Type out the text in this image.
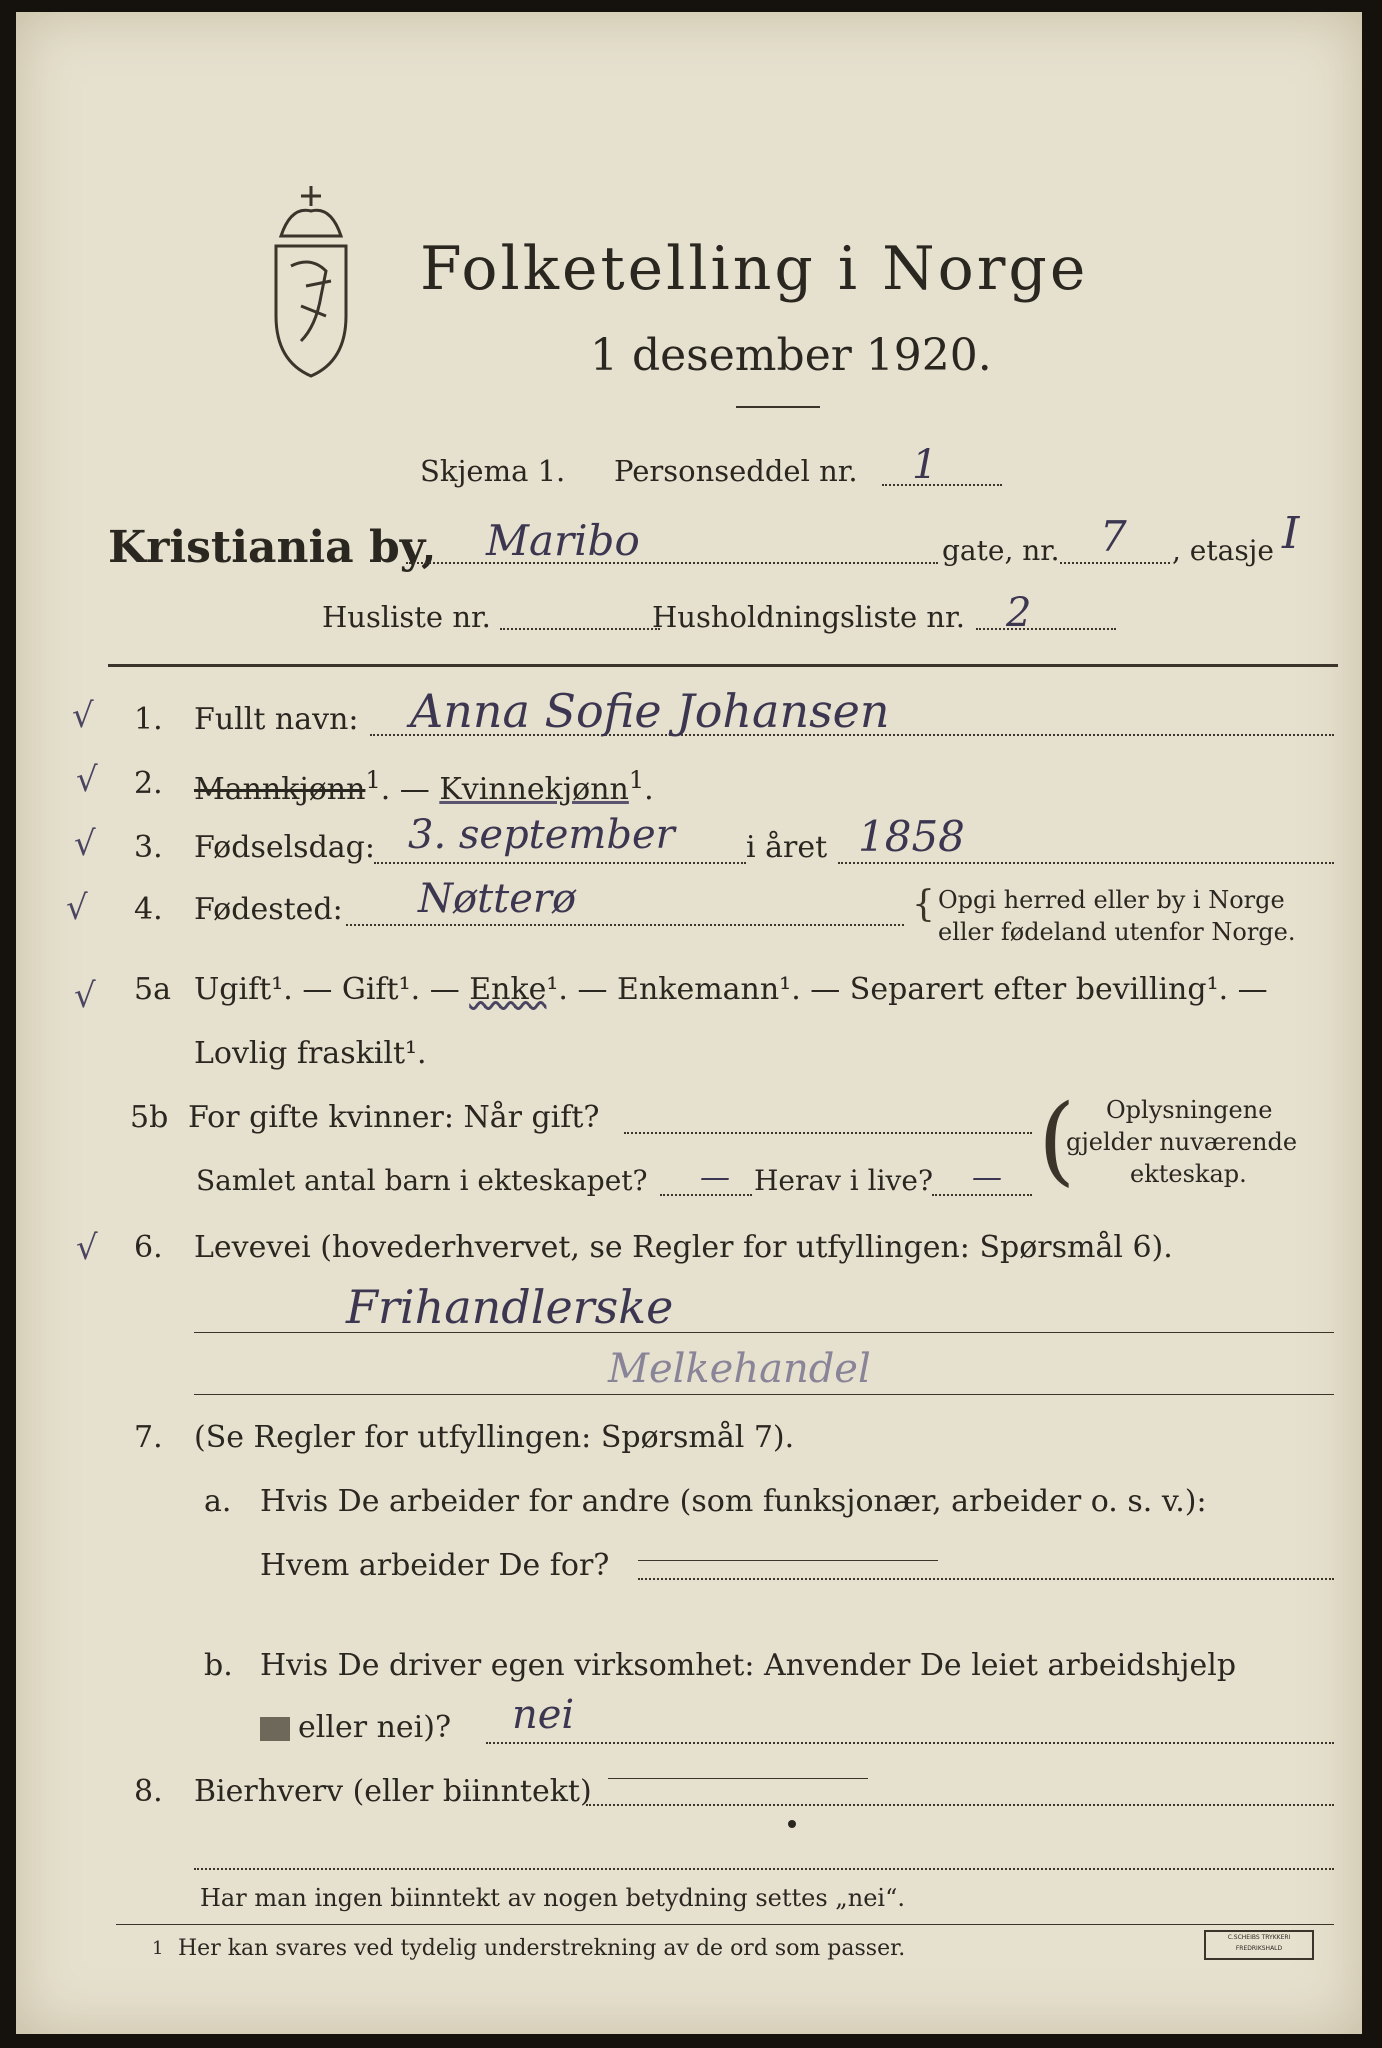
Folketelling i Norge
1 desember 1920.
Skjema 1. Personseddel nr. 1
Kristiania by, Maribo	gate, nr. 7 , etasje I
Husliste nr.	Husholdningsliste nr. 2
√ 1. Fullt navn: Anna Sofie Johansen
√ 2. Mannkjønn$^1$. — Kvinnekjønn$^1$.
√ 3. Fødselsdag: 3. september i året 1858
√ 4. Fødested: Nøtterø	{ Opgi herred eller by i Norge
eller fødeland utenfor Norge.
√ 5a Ugift¹. — Gift¹. — Enke¹. — Enkemann¹. — Separert efter bevilling¹. —
Lovlig fraskilt¹.
5b For gifte kvinner: Når gift?
Samlet antal barn i ekteskapet? — Herav i live? — ( Oplysningene
gjelder nuværende
ekteskap.
√ 6. Levevei (hovederhvervet, se Regler for utfyllingen: Spørsmål 6).
Frihandlerske
Melkehandel
7. (Se Regler for utfyllingen: Spørsmål 7).
a. Hvis De arbeider for andre (som funksjonær, arbeider o. s. v.):
Hvem arbeider De for?
b. Hvis De driver egen virksomhet: Anvender De leiet arbeidshjelp
eller nei)? nei
8. Bierhverv (eller biinntekt)
Har man ingen biinntekt av nogen betydning settes „nei“.
1 Her kan svares ved tydelig understrekning av de ord som passer.	C.SCHEIBS TRYKKERI FREDRIKSHALD
